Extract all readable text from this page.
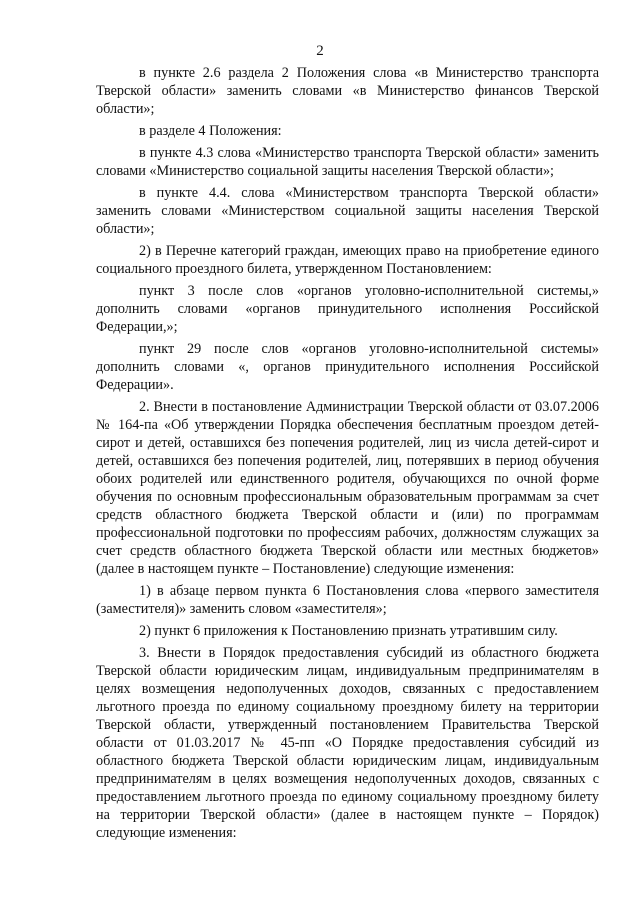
2

в пункте 2.6 раздела 2 Положения слова «в Министерство транспорта Тверской области» заменить словами «в Министерство финансов Тверской области»;

в разделе 4 Положения:

в пункте 4.3 слова «Министерство транспорта Тверской области» заменить словами «Министерство социальной защиты населения Тверской области»;

в пункте 4.4. слова «Министерством транспорта Тверской области» заменить словами «Министерством социальной защиты населения Тверской области»;

2) в Перечне категорий граждан, имеющих право на приобретение единого социального проездного билета, утвержденном Постановлением:

пункт 3 после слов «органов уголовно-исполнительной системы,» дополнить словами «органов принудительного исполнения Российской Федерации,»;

пункт 29 после слов «органов уголовно-исполнительной системы» дополнить словами «, органов принудительного исполнения Российской Федерации».

2. Внести в постановление Администрации Тверской области от 03.07.2006 № 164-па «Об утверждении Порядка обеспечения бесплатным проездом детей-сирот и детей, оставшихся без попечения родителей, лиц из числа детей-сирот и детей, оставшихся без попечения родителей, лиц, потерявших в период обучения обоих родителей или единственного родителя, обучающихся по очной форме обучения по основным профессиональным образовательным программам за счет средств областного бюджета Тверской области и (или) по программам профессиональной подготовки по профессиям рабочих, должностям служащих за счет средств областного бюджета Тверской области или местных бюджетов» (далее в настоящем пункте – Постановление) следующие изменения:

1) в абзаце первом пункта 6 Постановления слова «первого заместителя (заместителя)» заменить словом «заместителя»;

2) пункт 6 приложения к Постановлению признать утратившим силу.

3. Внести в Порядок предоставления субсидий из областного бюджета Тверской области юридическим лицам, индивидуальным предпринимателям в целях возмещения недополученных доходов, связанных с предоставлением льготного проезда по единому социальному проездному билету на территории Тверской области, утвержденный постановлением Правительства Тверской области от 01.03.2017 № 45-пп «О Порядке предоставления субсидий из областного бюджета Тверской области юридическим лицам, индивидуальным предпринимателям в целях возмещения недополученных доходов, связанных с предоставлением льготного проезда по единому социальному проездному билету на территории Тверской области» (далее в настоящем пункте – Порядок) следующие изменения:
